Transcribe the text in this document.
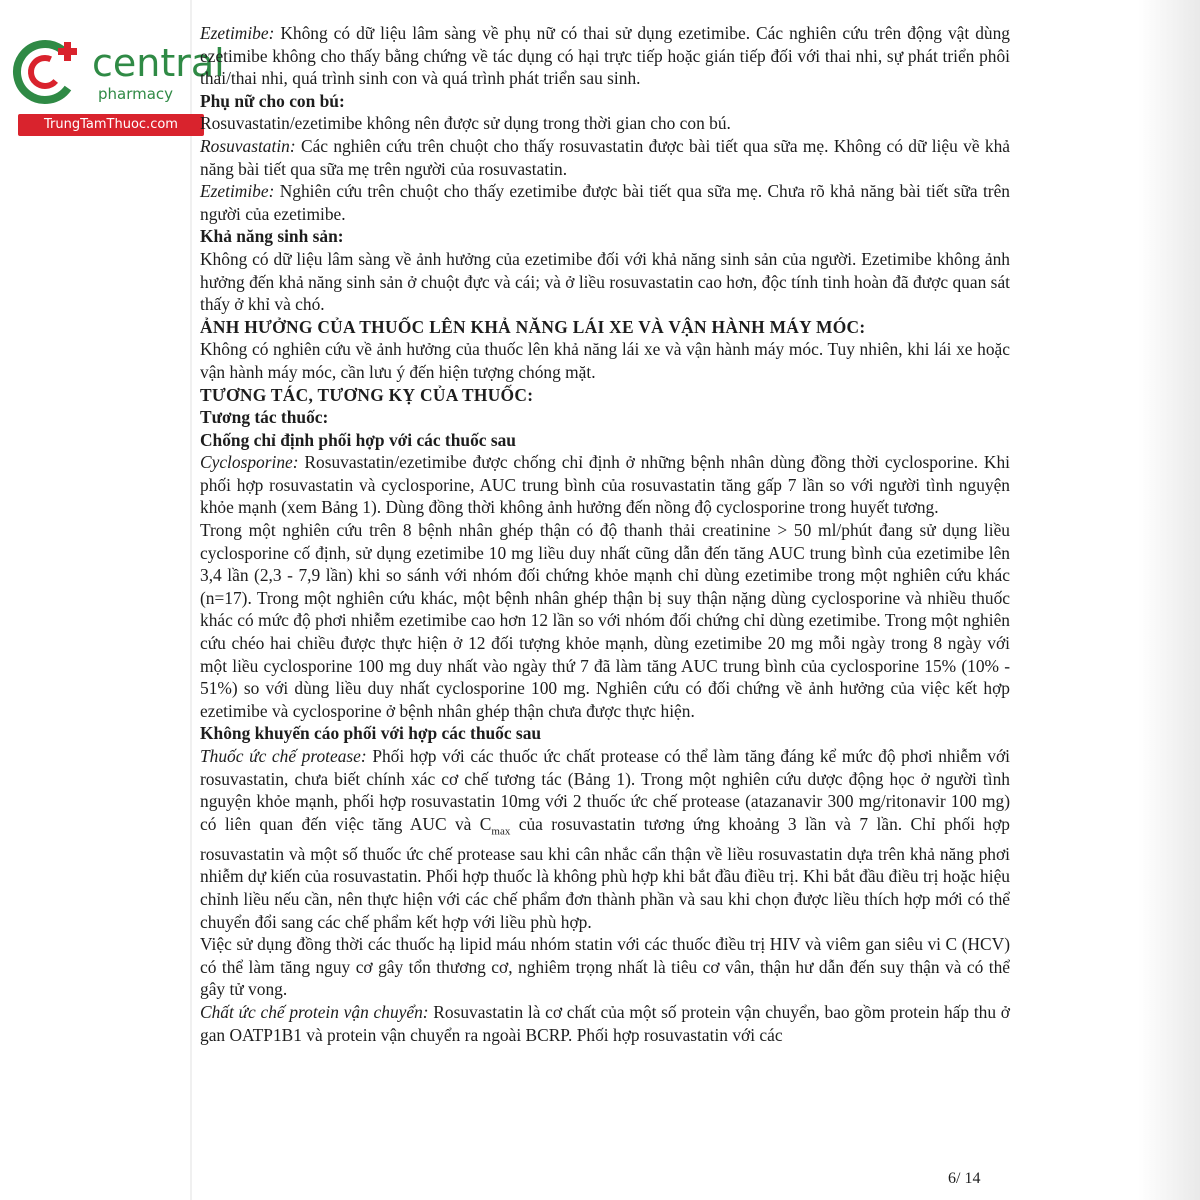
central
pharmacy
TrungTamThuoc.com

Ezetimibe: Không có dữ liệu lâm sàng về phụ nữ có thai sử dụng ezetimibe. Các nghiên cứu trên động vật dùng ezetimibe không cho thấy bằng chứng về tác dụng có hại trực tiếp hoặc gián tiếp đối với thai nhi, sự phát triển phôi thai/thai nhi, quá trình sinh con và quá trình phát triển sau sinh.

Phụ nữ cho con bú:

Rosuvastatin/ezetimibe không nên được sử dụng trong thời gian cho con bú.

Rosuvastatin: Các nghiên cứu trên chuột cho thấy rosuvastatin được bài tiết qua sữa mẹ. Không có dữ liệu về khả năng bài tiết qua sữa mẹ trên người của rosuvastatin.

Ezetimibe: Nghiên cứu trên chuột cho thấy ezetimibe được bài tiết qua sữa mẹ. Chưa rõ khả năng bài tiết sữa trên người của ezetimibe.

Khả năng sinh sản:

Không có dữ liệu lâm sàng về ảnh hưởng của ezetimibe đối với khả năng sinh sản của người. Ezetimibe không ảnh hưởng đến khả năng sinh sản ở chuột đực và cái; và ở liều rosuvastatin cao hơn, độc tính tinh hoàn đã được quan sát thấy ở khỉ và chó.

ẢNH HƯỞNG CỦA THUỐC LÊN KHẢ NĂNG LÁI XE VÀ VẬN HÀNH MÁY MÓC:

Không có nghiên cứu về ảnh hưởng của thuốc lên khả năng lái xe và vận hành máy móc. Tuy nhiên, khi lái xe hoặc vận hành máy móc, cần lưu ý đến hiện tượng chóng mặt.

TƯƠNG TÁC, TƯƠNG KỴ CỦA THUỐC:

Tương tác thuốc:

Chống chỉ định phối hợp với các thuốc sau

Cyclosporine: Rosuvastatin/ezetimibe được chống chỉ định ở những bệnh nhân dùng đồng thời cyclosporine. Khi phối hợp rosuvastatin và cyclosporine, AUC trung bình của rosuvastatin tăng gấp 7 lần so với người tình nguyện khỏe mạnh (xem Bảng 1). Dùng đồng thời không ảnh hưởng đến nồng độ cyclosporine trong huyết tương.

Trong một nghiên cứu trên 8 bệnh nhân ghép thận có độ thanh thải creatinine > 50 ml/phút đang sử dụng liều cyclosporine cố định, sử dụng ezetimibe 10 mg liều duy nhất cũng dẫn đến tăng AUC trung bình của ezetimibe lên 3,4 lần (2,3 - 7,9 lần) khi so sánh với nhóm đối chứng khỏe mạnh chỉ dùng ezetimibe trong một nghiên cứu khác (n=17). Trong một nghiên cứu khác, một bệnh nhân ghép thận bị suy thận nặng dùng cyclosporine và nhiều thuốc khác có mức độ phơi nhiễm ezetimibe cao hơn 12 lần so với nhóm đối chứng chỉ dùng ezetimibe. Trong một nghiên cứu chéo hai chiều được thực hiện ở 12 đối tượng khỏe mạnh, dùng ezetimibe 20 mg mỗi ngày trong 8 ngày với một liều cyclosporine 100 mg duy nhất vào ngày thứ 7 đã làm tăng AUC trung bình của cyclosporine 15% (10% - 51%) so với dùng liều duy nhất cyclosporine 100 mg. Nghiên cứu có đối chứng về ảnh hưởng của việc kết hợp ezetimibe và cyclosporine ở bệnh nhân ghép thận chưa được thực hiện.

Không khuyến cáo phối với hợp các thuốc sau

Thuốc ức chế protease: Phối hợp với các thuốc ức chất protease có thể làm tăng đáng kể mức độ phơi nhiễm với rosuvastatin, chưa biết chính xác cơ chế tương tác (Bảng 1). Trong một nghiên cứu dược động học ở người tình nguyện khỏe mạnh, phối hợp rosuvastatin 10mg với 2 thuốc ức chế protease (atazanavir 300 mg/ritonavir 100 mg) có liên quan đến việc tăng AUC và $C_{max}$ của rosuvastatin tương ứng khoảng 3 lần và 7 lần. Chỉ phối hợp rosuvastatin và một số thuốc ức chế protease sau khi cân nhắc cẩn thận về liều rosuvastatin dựa trên khả năng phơi nhiễm dự kiến của rosuvastatin. Phối hợp thuốc là không phù hợp khi bắt đầu điều trị. Khi bắt đầu điều trị hoặc hiệu chỉnh liều nếu cần, nên thực hiện với các chế phẩm đơn thành phần và sau khi chọn được liều thích hợp mới có thể chuyển đổi sang các chế phẩm kết hợp với liều phù hợp.

Việc sử dụng đồng thời các thuốc hạ lipid máu nhóm statin với các thuốc điều trị HIV và viêm gan siêu vi C (HCV) có thể làm tăng nguy cơ gây tổn thương cơ, nghiêm trọng nhất là tiêu cơ vân, thận hư dẫn đến suy thận và có thể gây tử vong.

Chất ức chế protein vận chuyển: Rosuvastatin là cơ chất của một số protein vận chuyển, bao gồm protein hấp thu ở gan OATP1B1 và protein vận chuyển ra ngoài BCRP. Phối hợp rosuvastatin với các

6/ 14
